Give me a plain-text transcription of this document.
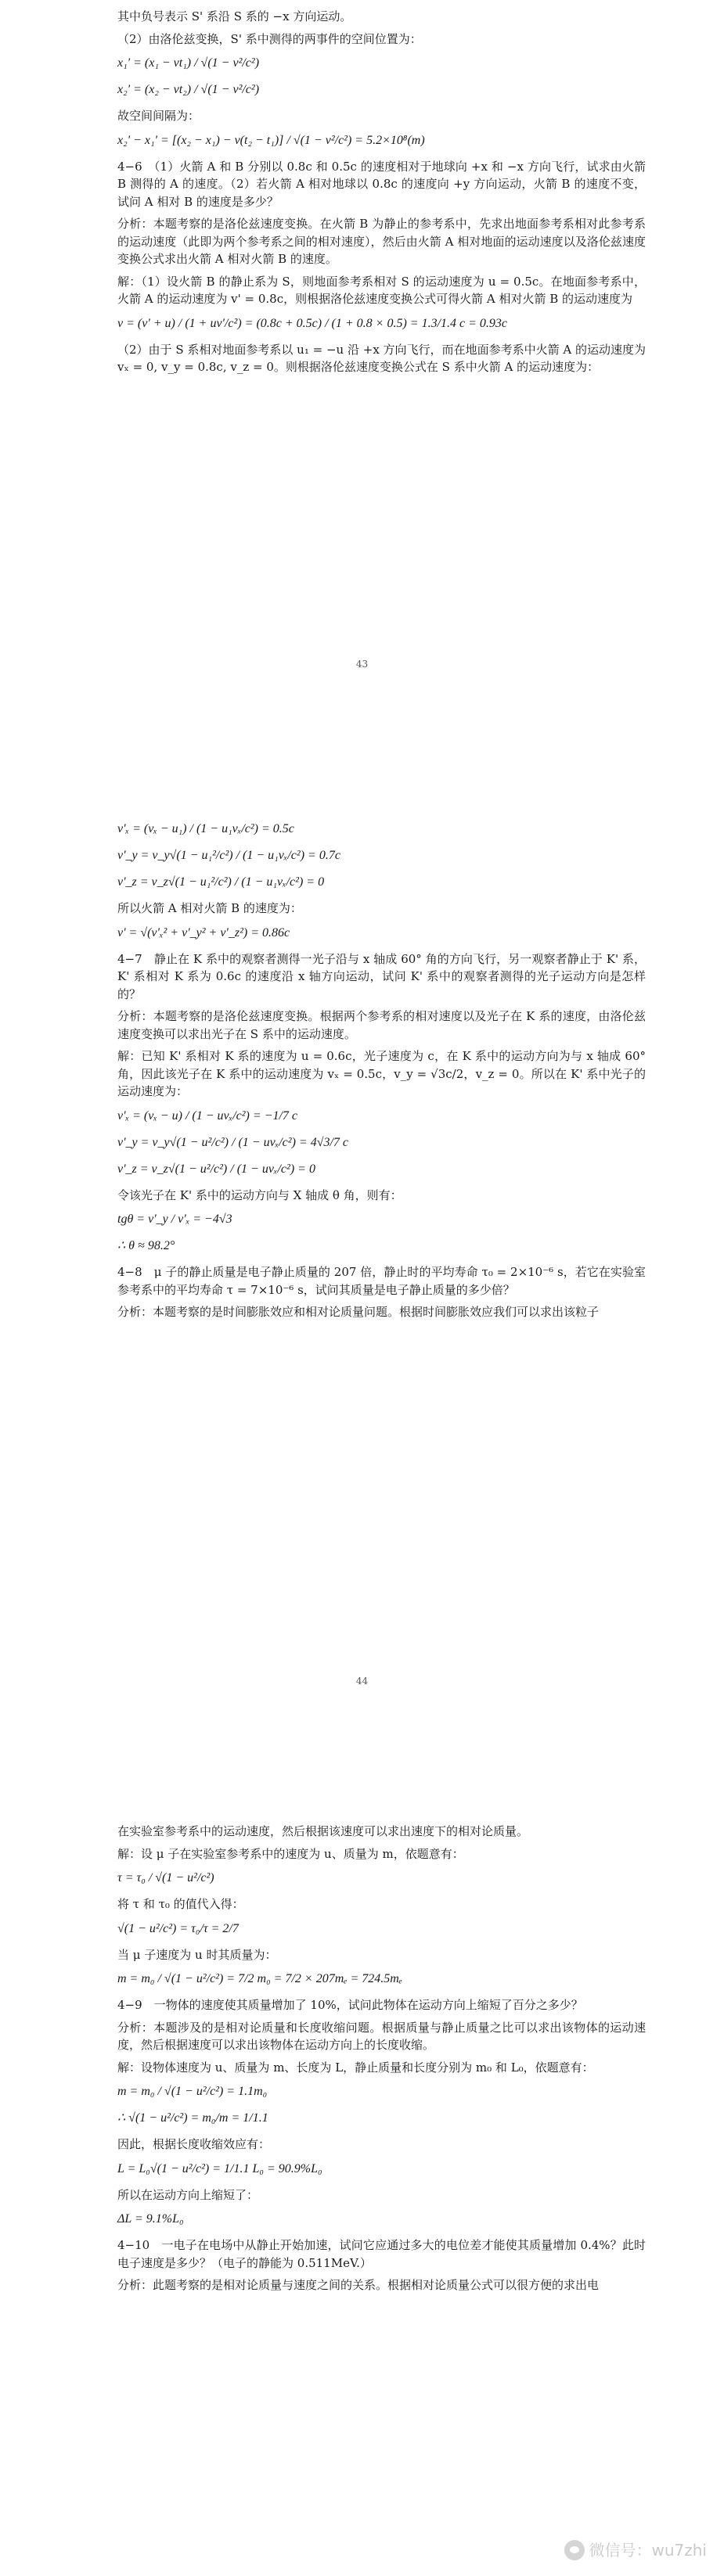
其中负号表示 S' 系沿 S 系的 −x 方向运动。

（2）由洛伦兹变换，S' 系中测得的两事件的空间位置为：

x₁' = (x₁ − vt₁) / √(1 − v²/c²)

x₂' = (x₂ − vt₂) / √(1 − v²/c²)

故空间间隔为：

x₂' − x₁' = [(x₂ − x₁) − v(t₂ − t₁)] / √(1 − v²/c²) = 5.2×10⁸(m)

4−6　（1）火箭 A 和 B 分别以 0.8c 和 0.5c 的速度相对于地球向 +x 和 −x 方向飞行，试求由火箭 B 测得的 A 的速度。（2）若火箭 A 相对地球以 0.8c 的速度向 +y 方向运动，火箭 B 的速度不变，试问 A 相对 B 的速度是多少？

分析：本题考察的是洛伦兹速度变换。在火箭 B 为静止的参考系中，先求出地面参考系相对此参考系的运动速度（此即为两个参考系之间的相对速度），然后由火箭 A 相对地面的运动速度以及洛伦兹速度变换公式求出火箭 A 相对火箭 B 的速度。

解：（1）设火箭 B 的静止系为 S，则地面参考系相对 S 的运动速度为 u = 0.5c。在地面参考系中，火箭 A 的运动速度为 v' = 0.8c，则根据洛伦兹速度变换公式可得火箭 A 相对火箭 B 的运动速度为

v = (v' + u) / (1 + uv'/c²) = (0.8c + 0.5c) / (1 + 0.8 × 0.5) = 1.3/1.4 c = 0.93c

（2）由于 S 系相对地面参考系以 u₁ = −u 沿 +x 方向飞行，而在地面参考系中火箭 A 的运动速度为 vₓ = 0, v_y = 0.8c, v_z = 0。则根据洛伦兹速度变换公式在 S 系中火箭 A 的运动速度为：

43

v'ₓ = (vₓ − u₁) / (1 − u₁vₓ/c²) = 0.5c

v'_y = v_y√(1 − u₁²/c²) / (1 − u₁vₓ/c²) = 0.7c

v'_z = v_z√(1 − u₁²/c²) / (1 − u₁vₓ/c²) = 0

所以火箭 A 相对火箭 B 的速度为：

v' = √(v'ₓ² + v'_y² + v'_z²) = 0.86c

4−7　静止在 K 系中的观察者测得一光子沿与 x 轴成 60° 角的方向飞行，另一观察者静止于 K' 系，K' 系相对 K 系为 0.6c 的速度沿 x 轴方向运动，试问 K' 系中的观察者测得的光子运动方向是怎样的？

分析：本题考察的是洛伦兹速度变换。根据两个参考系的相对速度以及光子在 K 系的速度，由洛伦兹速度变换可以求出光子在 S 系中的运动速度。

解：已知 K' 系相对 K 系的速度为 u = 0.6c，光子速度为 c，在 K 系中的运动方向为与 x 轴成 60° 角，因此该光子在 K 系中的运动速度为 vₓ = 0.5c，v_y = √3c/2，v_z = 0。所以在 K' 系中光子的运动速度为：

v'ₓ = (vₓ − u) / (1 − uvₓ/c²) = −1/7 c

v'_y = v_y√(1 − u²/c²) / (1 − uvₓ/c²) = 4√3/7 c

v'_z = v_z√(1 − u²/c²) / (1 − uvₓ/c²) = 0

令该光子在 K' 系中的运动方向与 X 轴成 θ 角，则有：

tgθ = v'_y / v'ₓ = −4√3

∴ θ ≈ 98.2°

4−8　μ 子的静止质量是电子静止质量的 207 倍，静止时的平均寿命 τ₀ = 2×10⁻⁶ s，若它在实验室参考系中的平均寿命 τ = 7×10⁻⁶ s，试问其质量是电子静止质量的多少倍？

分析：本题考察的是时间膨胀效应和相对论质量问题。根据时间膨胀效应我们可以求出该粒子

44

在实验室参考系中的运动速度，然后根据该速度可以求出速度下的相对论质量。

解：设 μ 子在实验室参考系中的速度为 u、质量为 m，依题意有：

τ = τ₀ / √(1 − u²/c²)

将 τ 和 τ₀ 的值代入得：

√(1 − u²/c²) = τ₀/τ = 2/7

当 μ 子速度为 u 时其质量为：

m = m₀ / √(1 − u²/c²) = 7/2 m₀ = 7/2 × 207mₑ = 724.5mₑ

4−9　一物体的速度使其质量增加了 10%，试问此物体在运动方向上缩短了百分之多少？

分析：本题涉及的是相对论质量和长度收缩问题。根据质量与静止质量之比可以求出该物体的运动速度，然后根据速度可以求出该物体在运动方向上的长度收缩。

解：设物体速度为 u、质量为 m、长度为 L，静止质量和长度分别为 m₀ 和 L₀，依题意有：

m = m₀ / √(1 − u²/c²) = 1.1m₀

∴ √(1 − u²/c²) = m₀/m = 1/1.1

因此，根据长度收缩效应有：

L = L₀√(1 − u²/c²) = 1/1.1 L₀ = 90.9%L₀

所以在运动方向上缩短了：

ΔL = 9.1%L₀

4−10　一电子在电场中从静止开始加速，试问它应通过多大的电位差才能使其质量增加 0.4%？此时电子速度是多少？（电子的静能为 0.511MeV.）

分析：此题考察的是相对论质量与速度之间的关系。根据相对论质量公式可以很方便的求出电

微信号：wu7zhi
